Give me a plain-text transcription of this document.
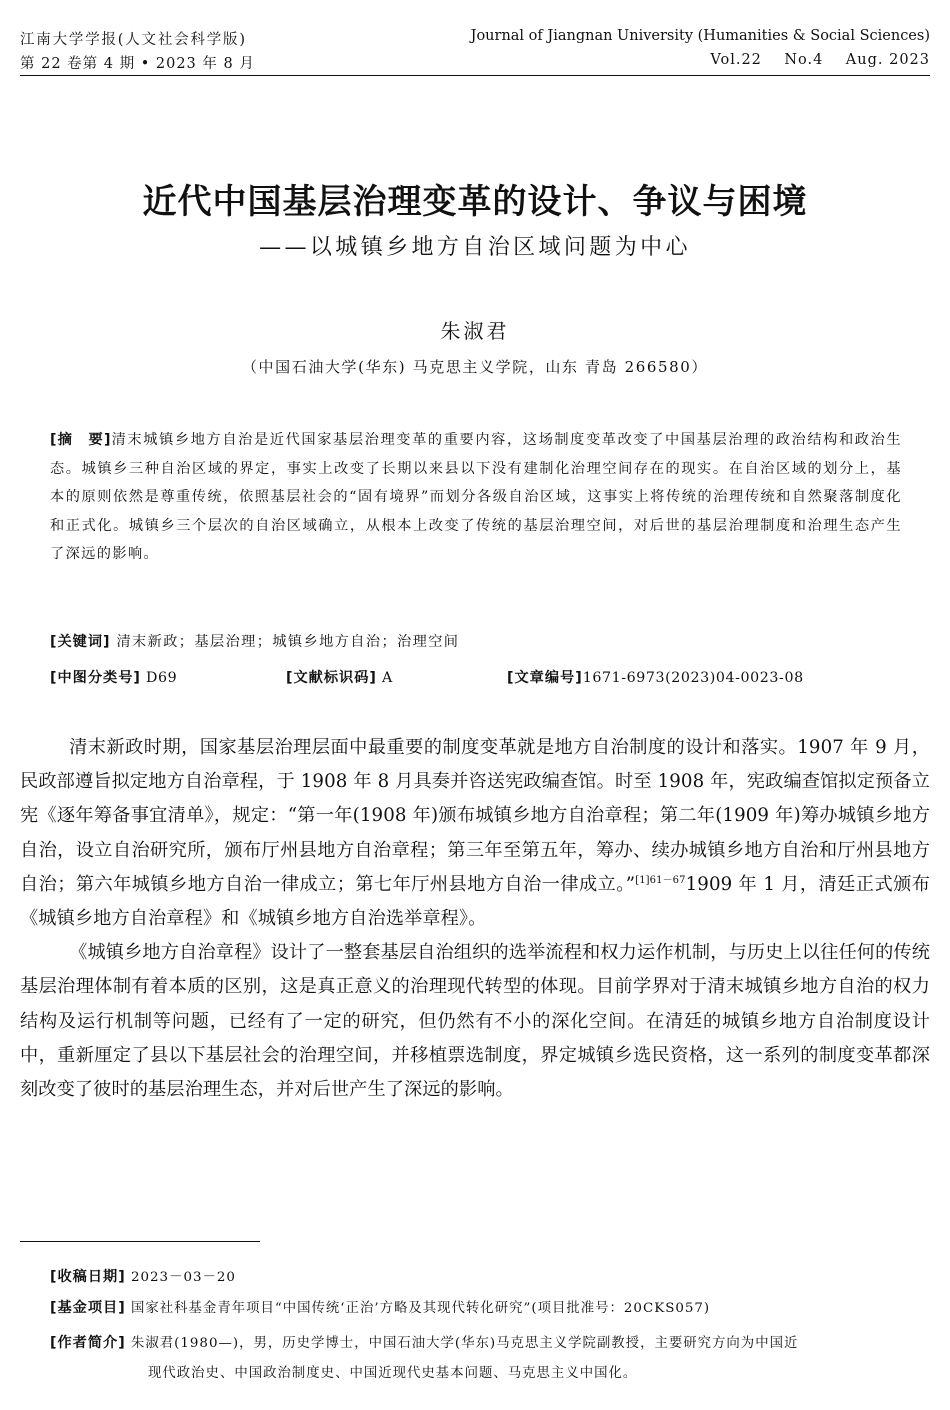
江南大学学报(人文社会科学版)
第 22 卷第 4 期 • 2023 年 8 月
Journal of Jiangnan University (Humanities & Social Sciences)
Vol.22    No.4    Aug. 2023
近代中国基层治理变革的设计、争议与困境
——以城镇乡地方自治区域问题为中心
朱淑君
（中国石油大学(华东) 马克思主义学院，山东 青岛 266580）
[摘　要]清末城镇乡地方自治是近代国家基层治理变革的重要内容，这场制度变革改变了中国基层治理的政治结构和政治生态。城镇乡三种自治区域的界定，事实上改变了长期以来县以下没有建制化治理空间存在的现实。在自治区域的划分上，基本的原则依然是尊重传统，依照基层社会的“固有境界”而划分各级自治区域，这事实上将传统的治理传统和自然聚落制度化和正式化。城镇乡三个层次的自治区域确立，从根本上改变了传统的基层治理空间，对后世的基层治理制度和治理生态产生了深远的影响。
[关键词] 清末新政；基层治理；城镇乡地方自治；治理空间
[中图分类号] D69	[文献标识码] A	[文章编号]1671-6973(2023)04-0023-08

清末新政时期，国家基层治理层面中最重要的制度变革就是地方自治制度的设计和落实。1907 年 9 月，民政部遵旨拟定地方自治章程，于 1908 年 8 月具奏并咨送宪政编查馆。时至 1908 年，宪政编查馆拟定预备立宪《逐年筹备事宜清单》，规定：“第一年(1908 年)颁布城镇乡地方自治章程；第二年(1909 年)筹办城镇乡地方自治，设立自治研究所，颁布厅州县地方自治章程；第三年至第五年，筹办、续办城镇乡地方自治和厅州县地方自治；第六年城镇乡地方自治一律成立；第七年厅州县地方自治一律成立。”$^{[1]61-67}$1909 年 1 月，清廷正式颁布《城镇乡地方自治章程》和《城镇乡地方自治选举章程》。

《城镇乡地方自治章程》设计了一整套基层自治组织的选举流程和权力运作机制，与历史上以往任何的传统基层治理体制有着本质的区别，这是真正意义的治理现代转型的体现。目前学界对于清末城镇乡地方自治的权力结构及运行机制等问题，已经有了一定的研究，但仍然有不小的深化空间。在清廷的城镇乡地方自治制度设计中，重新厘定了县以下基层社会的治理空间，并移植票选制度，界定城镇乡选民资格，这一系列的制度变革都深刻改变了彼时的基层治理生态，并对后世产生了深远的影响。

[收稿日期] 2023－03－20
[基金项目] 国家社科基金青年项目“中国传统‘正治’方略及其现代转化研究”(项目批准号：20CKS057)
[作者简介] 朱淑君(1980—)，男，历史学博士，中国石油大学(华东)马克思主义学院副教授，主要研究方向为中国近
现代政治史、中国政治制度史、中国近现代史基本问题、马克思主义中国化。
